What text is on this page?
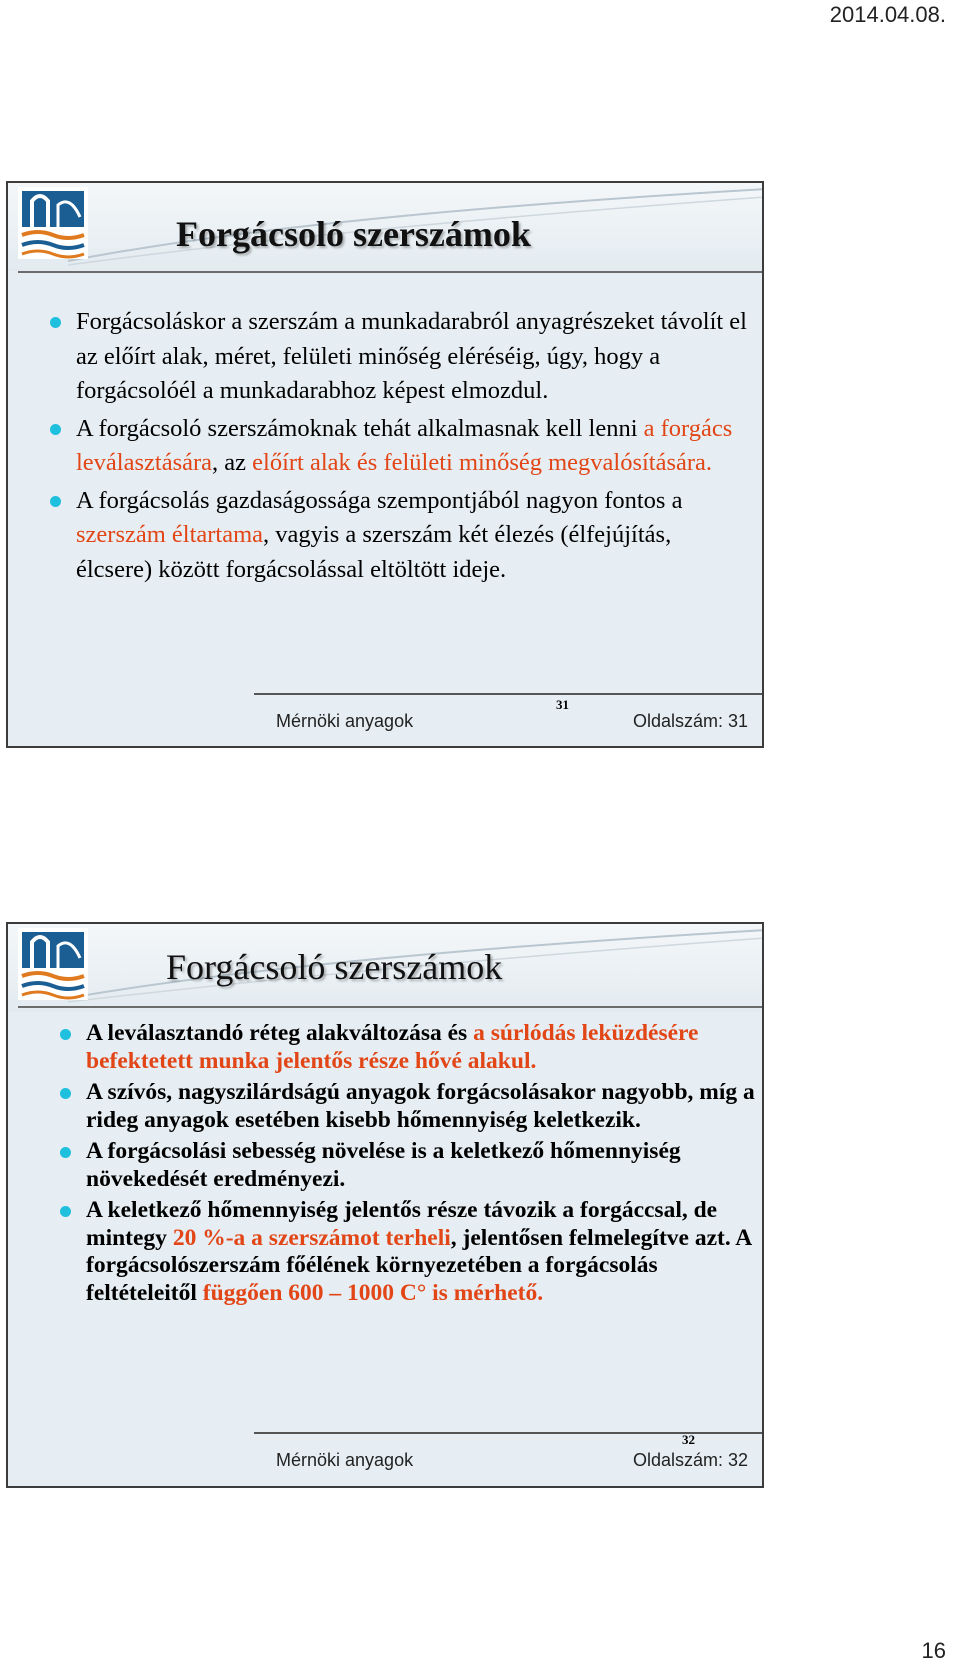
2014.04.08.
Forgácsoló szerszámok
Forgácsoláskor a szerszám a munkadarabról anyagrészeket távolít el az előírt alak, méret, felületi minőség eléréséig, úgy, hogy a forgácsolóél a munkadarabhoz képest elmozdul.
A forgácsoló szerszámoknak tehát alkalmasnak kell lenni a forgács leválasztására, az előírt alak és felületi minőség megvalósítására.
A forgácsolás gazdaságossága szempontjából nagyon fontos a szerszám éltartama, vagyis a szerszám két élezés (élfejújítás, élcsere) között forgácsolással eltöltött ideje.
31
Mérnöki anyagok	Oldalszám: 31
Forgácsoló szerszámok
A leválasztandó réteg alakváltozása és a súrlódás leküzdésére befektetett munka jelentős része hővé alakul.
A szívós, nagyszilárdságú anyagok forgácsolásakor nagyobb, míg a rideg anyagok esetében kisebb hőmennyiség keletkezik.
A forgácsolási sebesség növelése is a keletkező hőmennyiség növekedését eredményezi.
A keletkező hőmennyiség jelentős része távozik a forgáccsal, de mintegy 20 %-a a szerszámot terheli, jelentősen felmelegítve azt. A forgácsolószerszám főélének környezetében a forgácsolás feltételeitől függően 600 – 1000 C° is mérhető.
32
Mérnöki anyagok	Oldalszám: 32
16
